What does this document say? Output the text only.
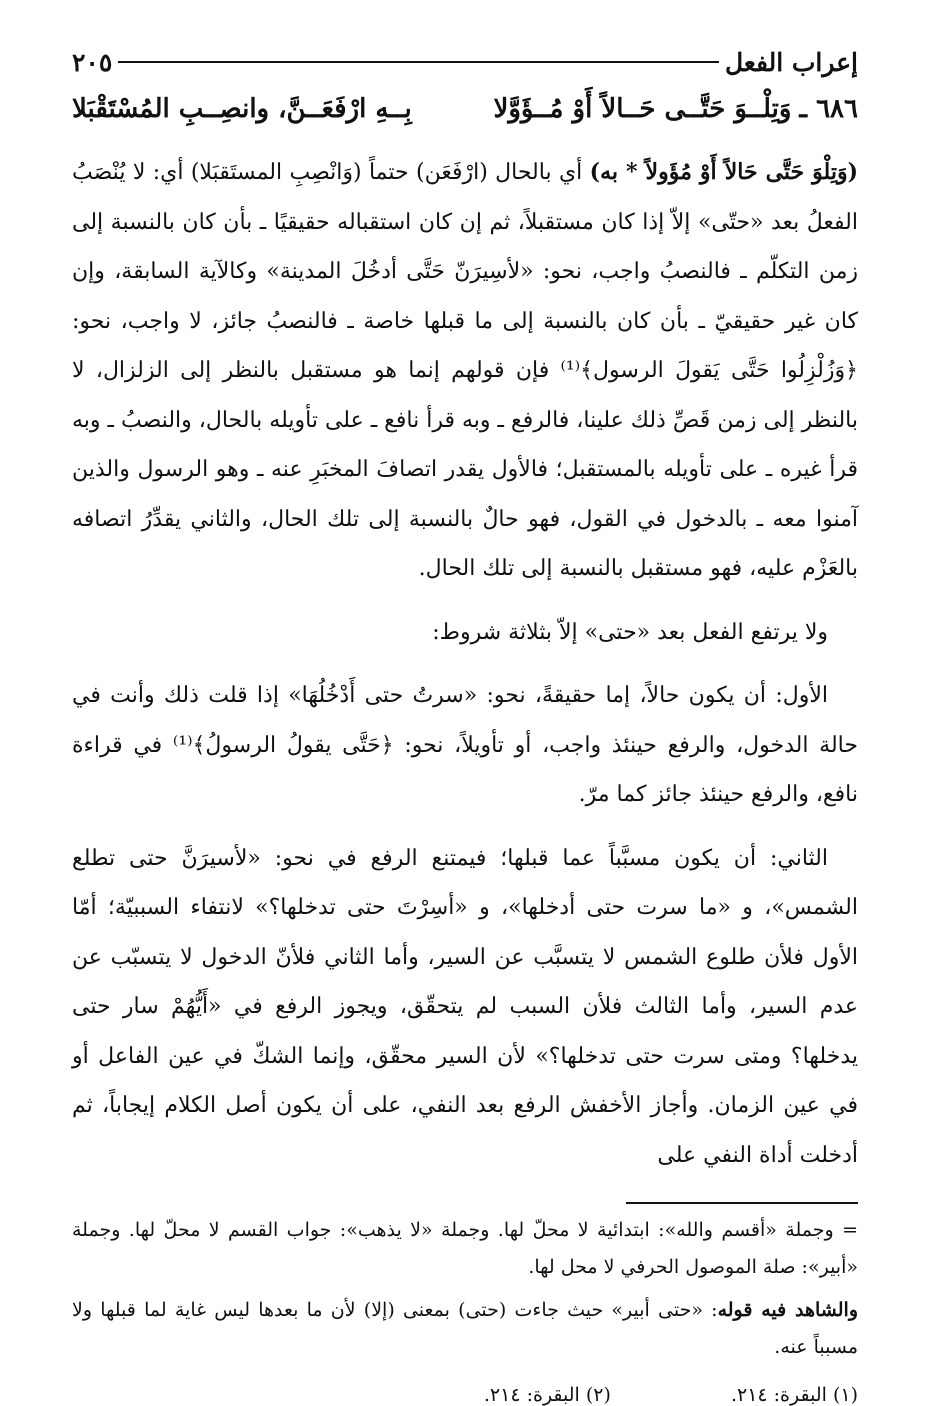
إعراب الفعل
٢٠٥
٦٨٦ ـ
وَتِلْــوَ حَتَّــى حَــالاً أَوْ مُــؤَوَّلا
بِــهِ ارْفَعَــنَّ، وانصِــبِ المُسْتَقْبَلا

(وَتِلْوَ حَتَّى حَالاً أَوْ مُؤَولاً * به) أي بالحال (ارْفَعَن) حتماً (وَانْصِبِ المستَقبَلا) أي: لا يُنْصَبُ الفعلُ بعد «حتّى» إلاّ إذا كان مستقبلاً، ثم إن كان استقباله حقيقيًا ـ بأن كان بالنسبة إلى زمن التكلّم ـ فالنصبُ واجب، نحو: «لأسِيرَنّ حَتَّى أدخُلَ المدينة» وكالآية السابقة، وإن كان غير حقيقيّ ـ بأن كان بالنسبة إلى ما قبلها خاصة ـ فالنصبُ جائز، لا واجب، نحو: ﴿وَزُلْزِلُوا حَتَّى يَقولَ الرسول﴾⁽¹⁾ فإن قولهم إنما هو مستقبل بالنظر إلى الزلزال، لا بالنظر إلى زمن قَصِّ ذلك علينا، فالرفع ـ وبه قرأ نافع ـ على تأويله بالحال، والنصبُ ـ وبه قرأ غيره ـ على تأويله بالمستقبل؛ فالأول يقدر اتصافَ المخبَرِ عنه ـ وهو الرسول والذين آمنوا معه ـ بالدخول في القول، فهو حالٌ بالنسبة إلى تلك الحال، والثاني يقدِّرُ اتصافه بالعَزْم عليه، فهو مستقبل بالنسبة إلى تلك الحال.

ولا يرتفع الفعل بعد «حتى» إلاّ بثلاثة شروط:

الأول: أن يكون حالاً، إما حقيقةً، نحو: «سرتُ حتى أَدْخُلُهَا» إذا قلت ذلك وأنت في حالة الدخول، والرفع حينئذ واجب، أو تأويلاً، نحو: ﴿حَتَّى يقولُ الرسولُ﴾⁽¹⁾ في قراءة نافع، والرفع حينئذ جائز كما مرّ.

الثاني: أن يكون مسبَّباً عما قبلها؛ فيمتنع الرفع في نحو: «لأسيرَنَّ حتى تطلع الشمس»، و «ما سرت حتى أدخلها»، و «أسِرْتَ حتى تدخلها؟» لانتفاء السببيّة؛ أمّا الأول فلأن طلوع الشمس لا يتسبَّب عن السير، وأما الثاني فلأنّ الدخول لا يتسبّب عن عدم السير، وأما الثالث فلأن السبب لم يتحقّق، ويجوز الرفع في «أَيُّهُمْ سار حتى يدخلها؟ ومتى سرت حتى تدخلها؟» لأن السير محقّق، وإنما الشكّ في عين الفاعل أو في عين الزمان. وأجاز الأخفش الرفع بعد النفي، على أن يكون أصل الكلام إيجاباً، ثم أدخلت أداة النفي على

= وجملة «أقسم والله»: ابتدائية لا محلّ لها. وجملة «لا يذهب»: جواب القسم لا محلّ لها. وجملة «أبير»: صلة الموصول الحرفي لا محل لها.

والشاهد فيه قوله: «حتى أبير» حيث جاءت (حتى) بمعنى (إلا) لأن ما بعدها ليس غاية لما قبلها ولا مسبباً عنه.

(١) البقرة: ٢١٤.
(٢) البقرة: ٢١٤.
